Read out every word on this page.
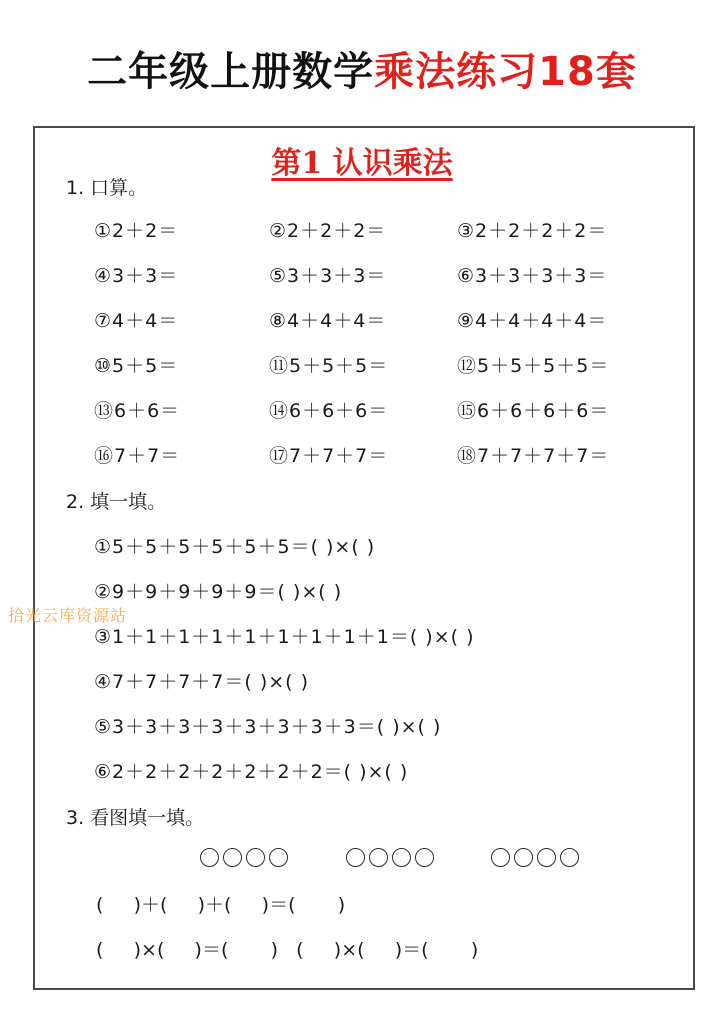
二年级上册数学乘法练习18套
第1 认识乘法
1. 口算。
①2＋2＝	②2＋2＋2＝	③2＋2＋2＋2＝
④3＋3＝	⑤3＋3＋3＝	⑥3＋3＋3＋3＝
⑦4＋4＝	⑧4＋4＋4＝	⑨4＋4＋4＋4＝
⑩5＋5＝	⑪5＋5＋5＝	⑫5＋5＋5＋5＝
⑬6＋6＝	⑭6＋6＋6＝	⑮6＋6＋6＋6＝
⑯7＋7＝	⑰7＋7＋7＝	⑱7＋7＋7＋7＝
2. 填一填。
①5＋5＋5＋5＋5＋5＝( )×( )
②9＋9＋9＋9＋9＝( )×( )
③1＋1＋1＋1＋1＋1＋1＋1＋1＝( )×( )
④7＋7＋7＋7＝( )×( )
⑤3＋3＋3＋3＋3＋3＋3＋3＝( )×( )
⑥2＋2＋2＋2＋2＋2＋2＝( )×( )
拾光云库资源站
3. 看图填一填。
(     )＋(     )＋(     )＝(       )
(     )×(     )＝(       )   (     )×(     )＝(       )
